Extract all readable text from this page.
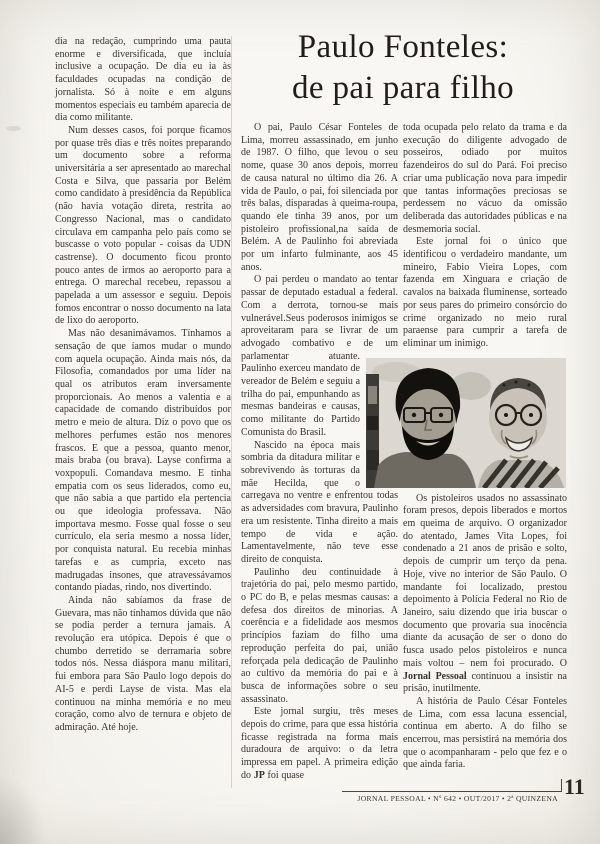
dia na redação, cumprindo uma pauta enorme e diversificada, que incluía inclusive a ocupação. De dia eu ia às faculdades ocupadas na condição de jornalista. Só à noite e em alguns momentos especiais eu também aparecia de dia como militante.

Num desses casos, foi porque ficamos por quase três dias e três noites preparando um documento sobre a reforma universitária a ser apresentado ao marechal Costa e Silva, que passaria por Belém como candidato à presidência da República (não havia votação direta, restrita ao Congresso Nacional, mas o candidato circulava em campanha pelo país como se buscasse o voto popular - coisas da UDN castrense). O documento ficou pronto pouco antes de irmos ao aeroporto para a entrega. O marechal recebeu, repassou a papelada a um assessor e seguiu. Depois fomos encontrar o nosso documento na lata de lixo do aeroporto.

Mas não desanimávamos. Tínhamos a sensação de que íamos mudar o mundo com aquela ocupação. Ainda mais nós, da Filosofia, comandados por uma líder na qual os atributos eram inversamente proporcionais. Ao menos a valentia e a capacidade de comando distribuídos por metro e meio de altura. Diz o povo que os melhores perfumes estão nos menores frascos. E que a pessoa, quanto menor, mais braba (ou brava). Layse confirma a voxpopuli. Comandava mesmo. E tinha empatia com os seus liderados, como eu, que não sabia a que partido ela pertencia ou que ideologia professava. Não importava mesmo. Fosse qual fosse o seu currículo, ela seria mesmo a nossa líder, por conquista natural. Eu recebia minhas tarefas e as cumpria, exceto nas madrugadas insones, que atravessávamos contando piadas, rindo, nos divertindo.

Ainda não sabíamos da frase de Guevara, mas não tínhamos dúvida que não se podia perder a ternura jamais. A revolução era utópica. Depois é que o chumbo derretido se derramaria sobre todos nós. Nessa diáspora manu militari, fui embora para São Paulo logo depois do AI-5 e perdi Layse de vista. Mas ela continuou na minha memória e no meu coração, como alvo de ternura e objeto de admiração. Até hoje.

Paulo Fonteles:
de pai para filho

O pai, Paulo César Fonteles de Lima, morreu assassinado, em junho de 1987. O filho, que levou o seu nome, quase 30 anos depois, morreu de causa natural no último dia 26. A vida de Paulo, o pai, foi silenciada por três balas, disparadas à queima-roupa, quando ele tinha 39 anos, por um pistoleiro profissional,na saída de Belém. A de Paulinho foi abreviada por um infarto fulminante, aos 45 anos.

O pai perdeu o mandato ao tentar passar de deputado estadual a federal. Com a derrota, tornou-se mais vulnerável.Seus poderosos inimigos se aproveitaram para se livrar de um advogado combativo e de um parlamentar atuante.
Paulinho exerceu mandato de vereador de Belém e seguiu a trilha do pai, empunhando as mesmas bandeiras e causas, como militante do Partido Comunista do Brasil.

Nascido na época mais sombria da ditadura militar e sobrevivendo às torturas da mãe Hecilda, que o carregava no ventre e enfrentou todas as adversidades com bravura, Paulinho era um resistente. Tinha direito a mais tempo de vida e ação. Lamentavelmente, não teve esse direito de conquista.

Paulinho deu continuidade à trajetória do pai, pelo mesmo partido, o PC do B, e pelas mesmas causas: a defesa dos direitos de minorias. A coerência e a fidelidade aos mesmos princípios faziam do filho uma reprodução perfeita do pai, união reforçada pela dedicação de Paulinho ao cultivo da memória do pai e à busca de informações sobre o seu assassinato.

Este jornal surgiu, três meses depois do crime, para que essa história ficasse registrada na forma mais duradoura de arquivo: o da letra impressa em papel. A primeira edição do JP foi quase

toda ocupada pelo relato da trama e da execução do diligente advogado de posseiros, odiado por muitos fazendeiros do sul do Pará. Foi preciso criar uma publicação nova para impedir que tantas informações preciosas se perdessem no vácuo da omissão deliberada das autoridades públicas e na desmemoria social.

Este jornal foi o único que identificou o verdadeiro mandante, um mineiro, Fabio Vieira Lopes, com fazenda em Xinguara e criação de cavalos na baixada fluminense, sorteado por seus pares do primeiro consórcio do crime organizado no meio rural paraense para cumprir a tarefa de eliminar um inimigo.

Os pistoleiros usados no assassinato foram presos, depois liberados e mortos em queima de arquivo. O organizador do atentado, James Vita Lopes, foi condenado a 21 anos de prisão e solto, depois de cumprir um terço da pena. Hoje, vive no interior de São Paulo. O mandante foi localizado, prestou depoimento à Polícia Federal no Rio de Janeiro, saiu dizendo que iria buscar o documento que provaria sua inocência diante da acusação de ser o dono do fusca usado pelos pistoleiros e nunca mais voltou – nem foi procurado. O Jornal Pessoal continuou a insistir na prisão, inutilmente.

A história de Paulo César Fonteles de Lima, com essa lacuna essencial, continua em aberto. A do filho se encerrou, mas persistirá na memória dos que o acompanharam - pelo que fez e o que ainda faria.

JORNAL PESSOAL • Nº 642 • OUT/2017 • 2ª QUINZENA 11
